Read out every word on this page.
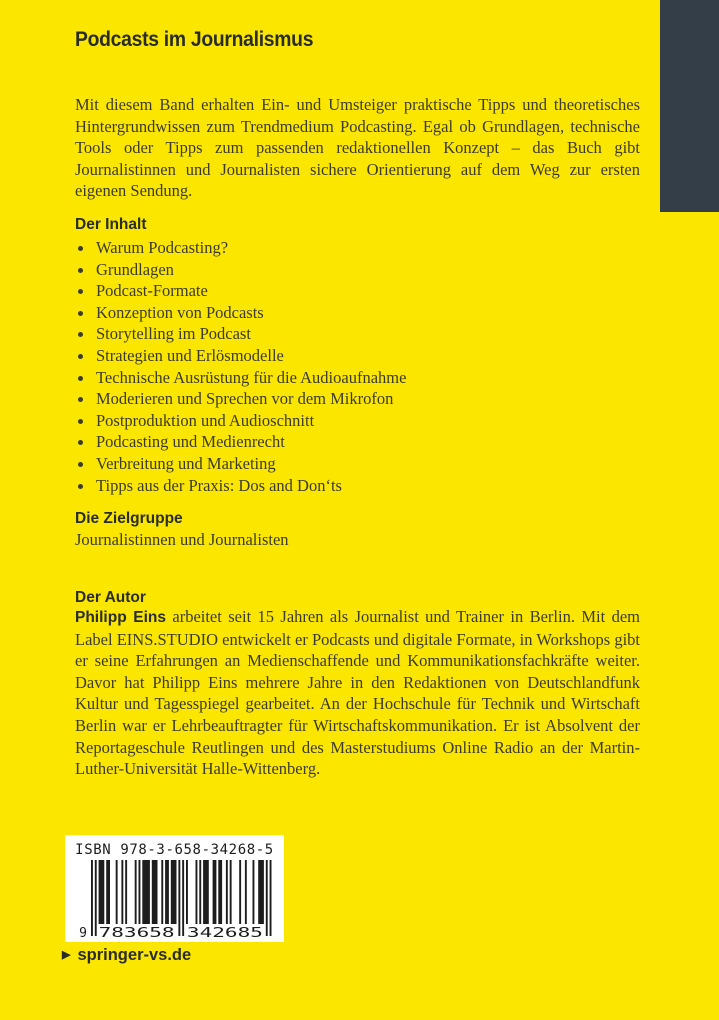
Podcasts im Journalismus

Mit diesem Band erhalten Ein- und Umsteiger praktische Tipps und theoretisches Hintergrundwissen zum Trendmedium Podcasting. Egal ob Grundlagen, technische Tools oder Tipps zum passenden redaktionellen Konzept – das Buch gibt Journalistinnen und Journalisten sichere Orientierung auf dem Weg zur ersten eigenen Sendung.

Der Inhalt
Warum Podcasting?
Grundlagen
Podcast-Formate
Konzeption von Podcasts
Storytelling im Podcast
Strategien und Erlösmodelle
Technische Ausrüstung für die Audioaufnahme
Moderieren und Sprechen vor dem Mikrofon
Postproduktion und Audioschnitt
Podcasting und Medienrecht
Verbreitung und Marketing
Tipps aus der Praxis: Dos and Don‘ts
Die Zielgruppe

Journalistinnen und Journalisten

Der Autor

Philipp Eins arbeitet seit 15 Jahren als Journalist und Trainer in Berlin. Mit dem Label EINS.STUDIO entwickelt er Podcasts und digitale Formate, in Workshops gibt er seine Erfahrungen an Medienschaffende und Kommunikationsfachkräfte weiter. Davor hat Philipp Eins mehrere Jahre in den Redaktionen von Deutschlandfunk Kultur und Tagesspiegel gearbeitet. An der Hochschule für Technik und Wirtschaft Berlin war er Lehrbeauftragter für Wirtschaftskommunikation. Er ist Absolvent der Reportageschule Reutlingen und des Masterstudiums Online Radio an der Martin-Luther-Universität Halle-Wittenberg.

ISBN 978-3-658-34268-5
9 783658 342685
▶ springer-vs.de
